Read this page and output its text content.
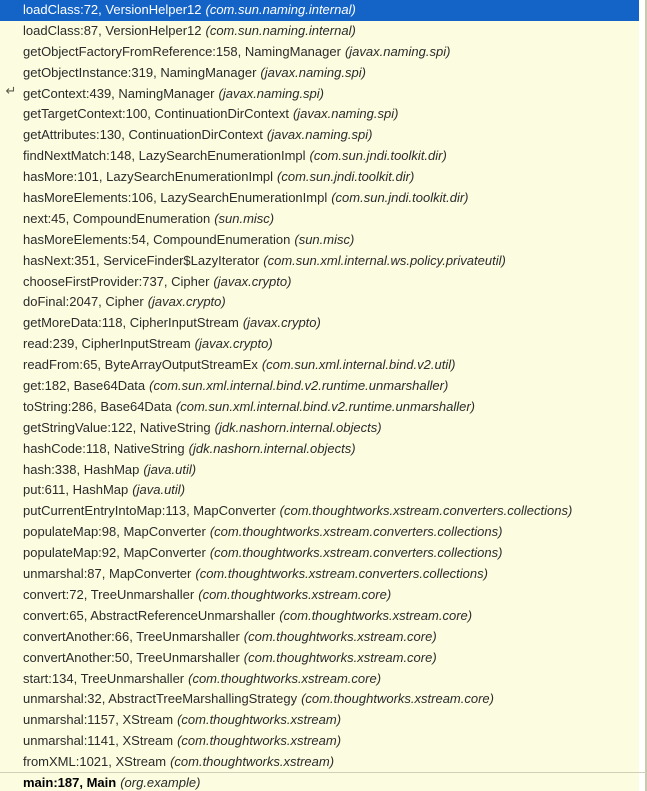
↵
loadClass:72, VersionHelper12 (com.sun.naming.internal)
loadClass:87, VersionHelper12 (com.sun.naming.internal)
getObjectFactoryFromReference:158, NamingManager (javax.naming.spi)
getObjectInstance:319, NamingManager (javax.naming.spi)
getContext:439, NamingManager (javax.naming.spi)
getTargetContext:100, ContinuationDirContext (javax.naming.spi)
getAttributes:130, ContinuationDirContext (javax.naming.spi)
findNextMatch:148, LazySearchEnumerationImpl (com.sun.jndi.toolkit.dir)
hasMore:101, LazySearchEnumerationImpl (com.sun.jndi.toolkit.dir)
hasMoreElements:106, LazySearchEnumerationImpl (com.sun.jndi.toolkit.dir)
next:45, CompoundEnumeration (sun.misc)
hasMoreElements:54, CompoundEnumeration (sun.misc)
hasNext:351, ServiceFinder$LazyIterator (com.sun.xml.internal.ws.policy.privateutil)
chooseFirstProvider:737, Cipher (javax.crypto)
doFinal:2047, Cipher (javax.crypto)
getMoreData:118, CipherInputStream (javax.crypto)
read:239, CipherInputStream (javax.crypto)
readFrom:65, ByteArrayOutputStreamEx (com.sun.xml.internal.bind.v2.util)
get:182, Base64Data (com.sun.xml.internal.bind.v2.runtime.unmarshaller)
toString:286, Base64Data (com.sun.xml.internal.bind.v2.runtime.unmarshaller)
getStringValue:122, NativeString (jdk.nashorn.internal.objects)
hashCode:118, NativeString (jdk.nashorn.internal.objects)
hash:338, HashMap (java.util)
put:611, HashMap (java.util)
putCurrentEntryIntoMap:113, MapConverter (com.thoughtworks.xstream.converters.collections)
populateMap:98, MapConverter (com.thoughtworks.xstream.converters.collections)
populateMap:92, MapConverter (com.thoughtworks.xstream.converters.collections)
unmarshal:87, MapConverter (com.thoughtworks.xstream.converters.collections)
convert:72, TreeUnmarshaller (com.thoughtworks.xstream.core)
convert:65, AbstractReferenceUnmarshaller (com.thoughtworks.xstream.core)
convertAnother:66, TreeUnmarshaller (com.thoughtworks.xstream.core)
convertAnother:50, TreeUnmarshaller (com.thoughtworks.xstream.core)
start:134, TreeUnmarshaller (com.thoughtworks.xstream.core)
unmarshal:32, AbstractTreeMarshallingStrategy (com.thoughtworks.xstream.core)
unmarshal:1157, XStream (com.thoughtworks.xstream)
unmarshal:1141, XStream (com.thoughtworks.xstream)
fromXML:1021, XStream (com.thoughtworks.xstream)
main:187, Main (org.example)
